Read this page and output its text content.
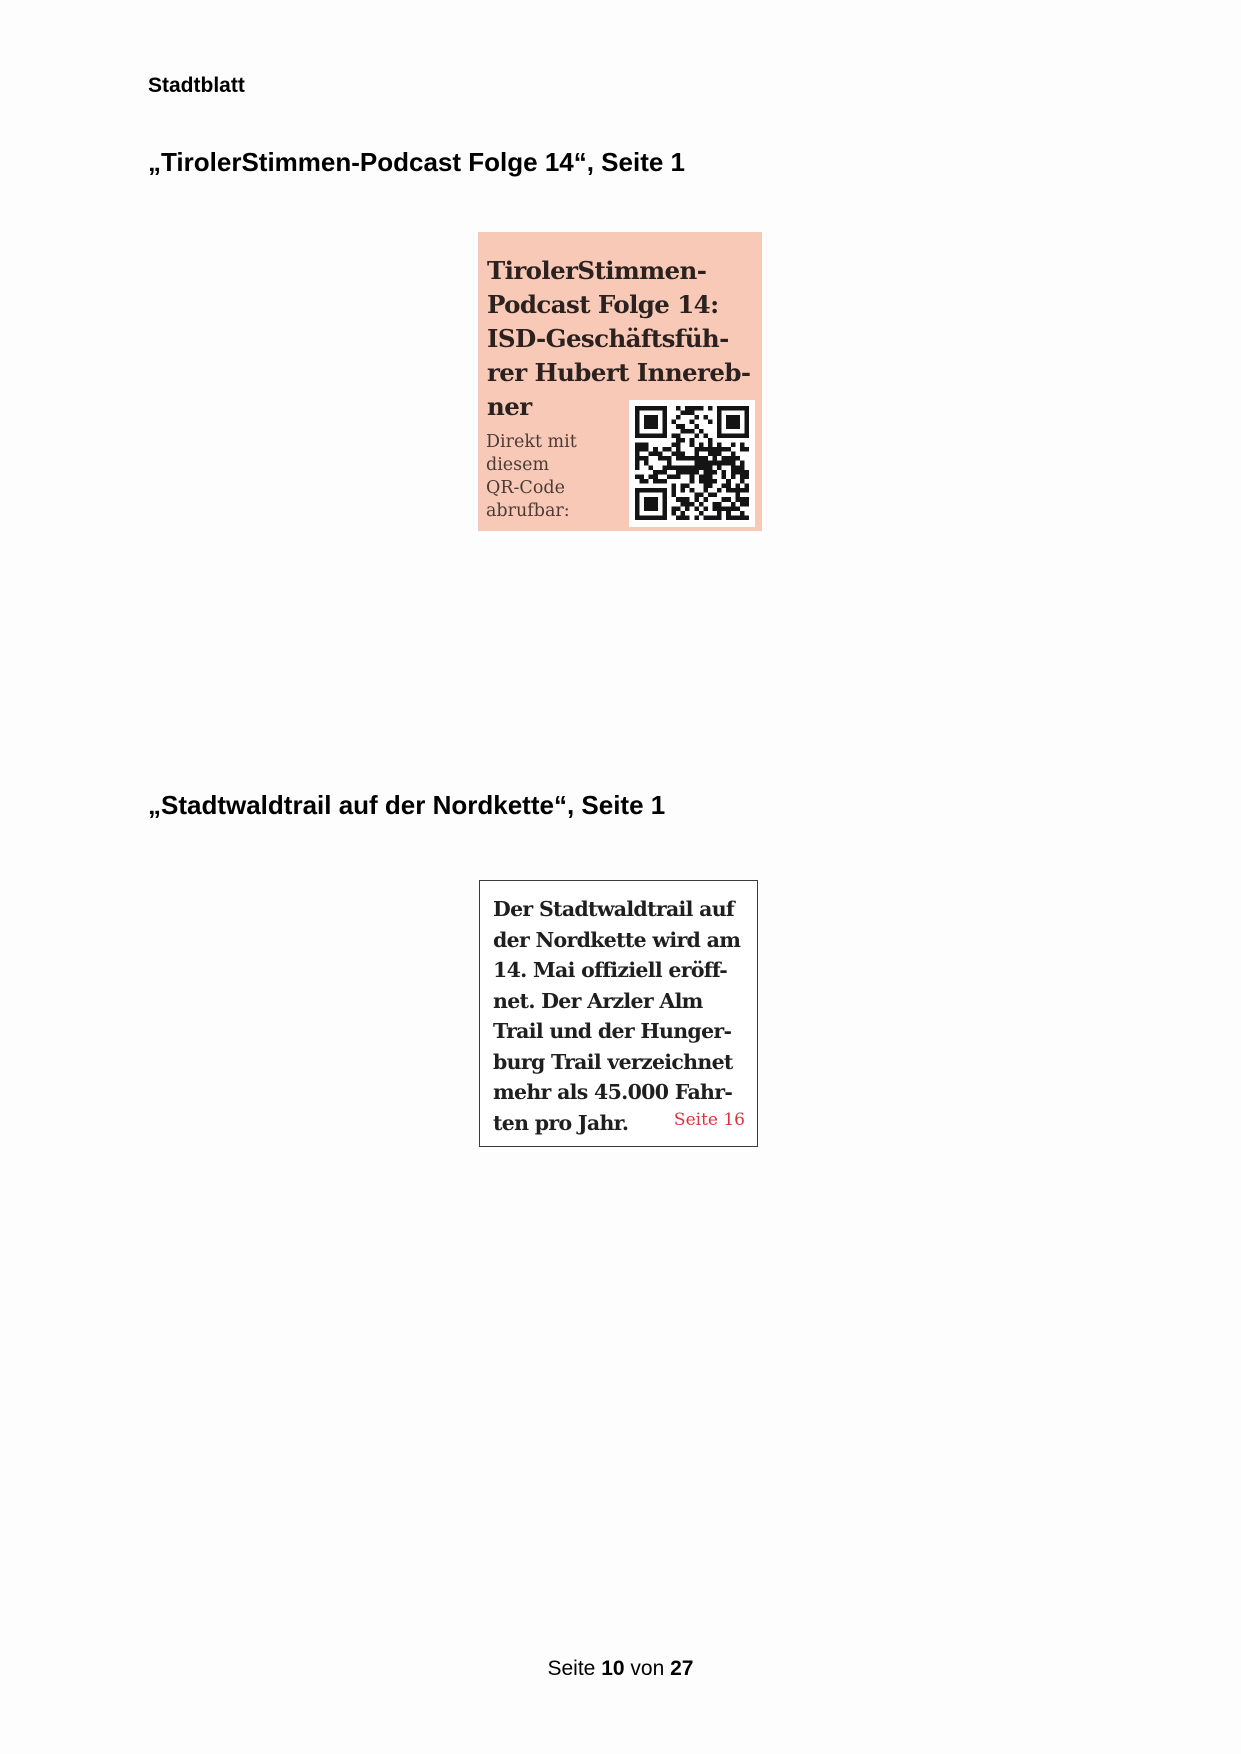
Stadtblatt

„TirolerStimmen-Podcast Folge 14“, Seite 1

TirolerStimmen-
Podcast Folge 14:
ISD-Geschäftsfüh-
rer Hubert Innereb-
ner

Direkt mit
diesem
QR-Code
abrufbar:

„Stadtwaldtrail auf der Nordkette“, Seite 1

Der Stadtwaldtrail auf
der Nordkette wird am
14. Mai offiziell eröff-
net. Der Arzler Alm
Trail und der Hunger-
burg Trail verzeichnet
mehr als 45.000 Fahr-
ten pro Jahr.	Seite 16

Seite 10 von 27
